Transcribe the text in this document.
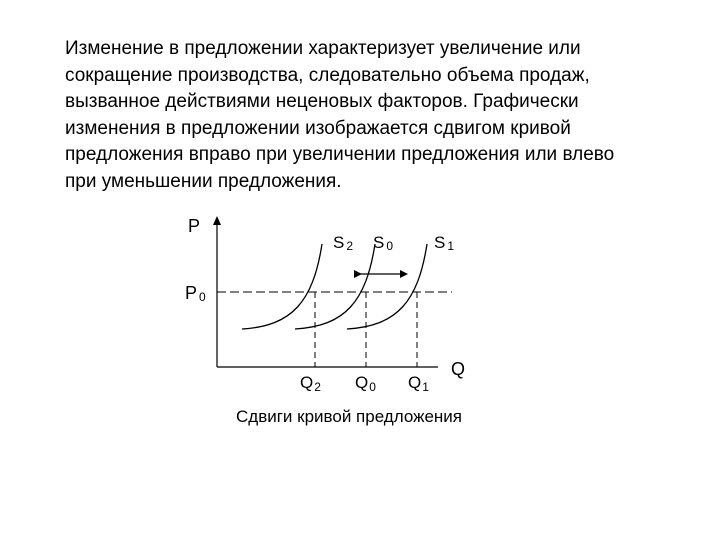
Изменение в предложении характеризует увеличение или
сокращение производства, следовательно объема продаж,
вызванное действиями неценовых факторов. Графически
изменения в предложении изображается сдвигом кривой
предложения вправо при увеличении предложения или влево
при уменьшении предложения.
P
Q
P 0
S 2 S 0 S 1
Q2 Q0 Q1
Сдвиги кривой предложения
